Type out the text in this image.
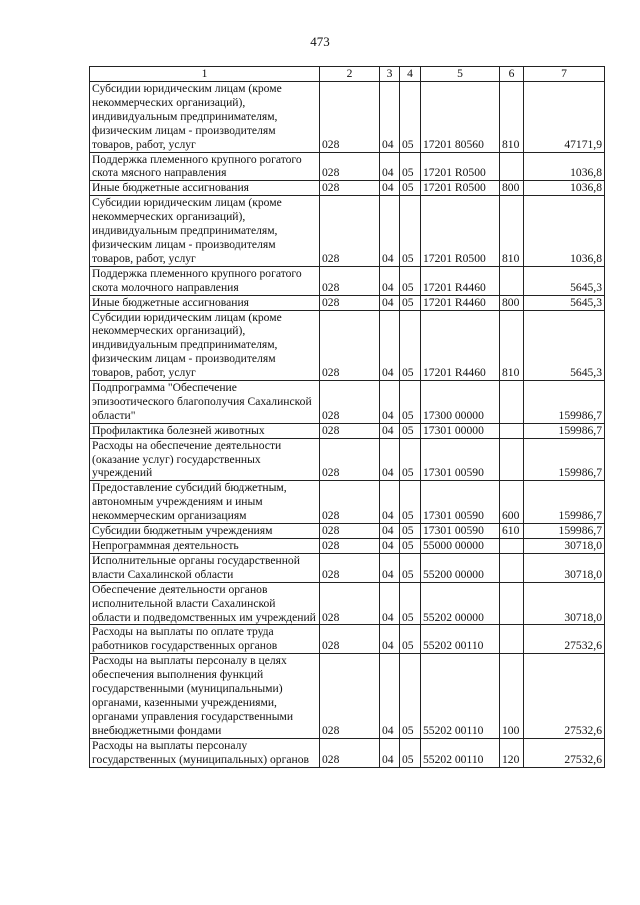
473
1	2	3	4	5	6	7
Субсидии юридическим лицам (кроме некоммерческих организаций), индивидуальным предпринимателям, физическим лицам - производителям товаров, работ, услуг	028	04	05	17201 80560	810	47171,9
Поддержка племенного крупного рогатого скота мясного направления	028	04	05	17201 R0500		1036,8
Иные бюджетные ассигнования	028	04	05	17201 R0500	800	1036,8
Субсидии юридическим лицам (кроме некоммерческих организаций), индивидуальным предпринимателям, физическим лицам - производителям товаров, работ, услуг	028	04	05	17201 R0500	810	1036,8
Поддержка племенного крупного рогатого скота молочного направления	028	04	05	17201 R4460		5645,3
Иные бюджетные ассигнования	028	04	05	17201 R4460	800	5645,3
Субсидии юридическим лицам (кроме некоммерческих организаций), индивидуальным предпринимателям, физическим лицам - производителям товаров, работ, услуг	028	04	05	17201 R4460	810	5645,3
Подпрограмма "Обеспечение эпизоотического благополучия Сахалинской области"	028	04	05	17300 00000		159986,7
Профилактика болезней животных	028	04	05	17301 00000		159986,7
Расходы на обеспечение деятельности (оказание услуг) государственных учреждений	028	04	05	17301 00590		159986,7
Предоставление субсидий бюджетным, автономным учреждениям и иным некоммерческим организациям	028	04	05	17301 00590	600	159986,7
Субсидии бюджетным учреждениям	028	04	05	17301 00590	610	159986,7
Непрограммная деятельность	028	04	05	55000 00000		30718,0
Исполнительные органы государственной власти Сахалинской области	028	04	05	55200 00000		30718,0
Обеспечение деятельности органов исполнительной власти Сахалинской области и подведомственных им учреждений	028	04	05	55202 00000		30718,0
Расходы на выплаты по оплате труда работников государственных органов	028	04	05	55202 00110		27532,6
Расходы на выплаты персоналу в целях обеспечения выполнения функций государственными (муниципальными) органами, казенными учреждениями, органами управления государственными внебюджетными фондами	028	04	05	55202 00110	100	27532,6
Расходы на выплаты персоналу государственных (муниципальных) органов	028	04	05	55202 00110	120	27532,6
